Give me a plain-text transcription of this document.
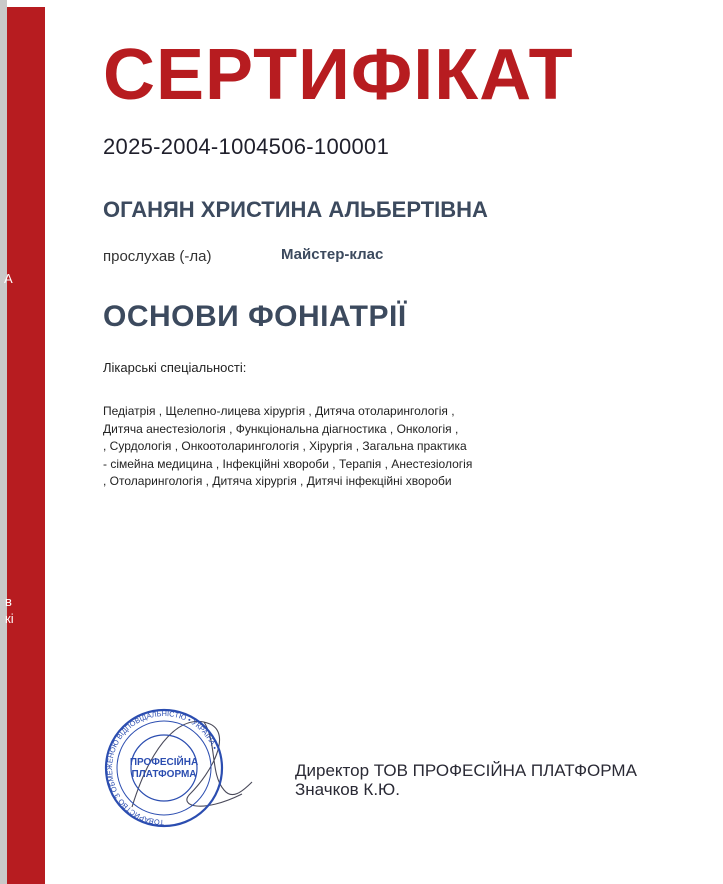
А
в
кі
СЕРТИФІКАТ
2025-2004-1004506-100001
ОГАНЯН ХРИСТИНА АЛЬБЕРТІВНА
прослухав (-ла)	Майстер-клас
ОСНОВИ ФОНІАТРІЇ
Лікарські спеціальності:
Педіатрія , Щелепно-лицева хірургія , Дитяча отоларингологія ,
Дитяча анестезіологія , Функціональна діагностика , Онкологія ,
, Сурдологія , Онкоотоларингологія , Хірургія , Загальна практика
- сімейна медицина , Інфекційні хвороби , Терапія , Анестезіологія
, Отоларингологія , Дитяча хірургія , Дитячі інфекційні хвороби
ТОВАРИСТВО З ОБМЕЖЕНОЮ ВІДПОВІДАЛЬНІСТЮ • УКРАЇНА •
ПРОФЕСІЙНА
ПЛАТФОРМА	Директор ТОВ ПРОФЕСІЙНА ПЛАТФОРМА
Значков К.Ю.
